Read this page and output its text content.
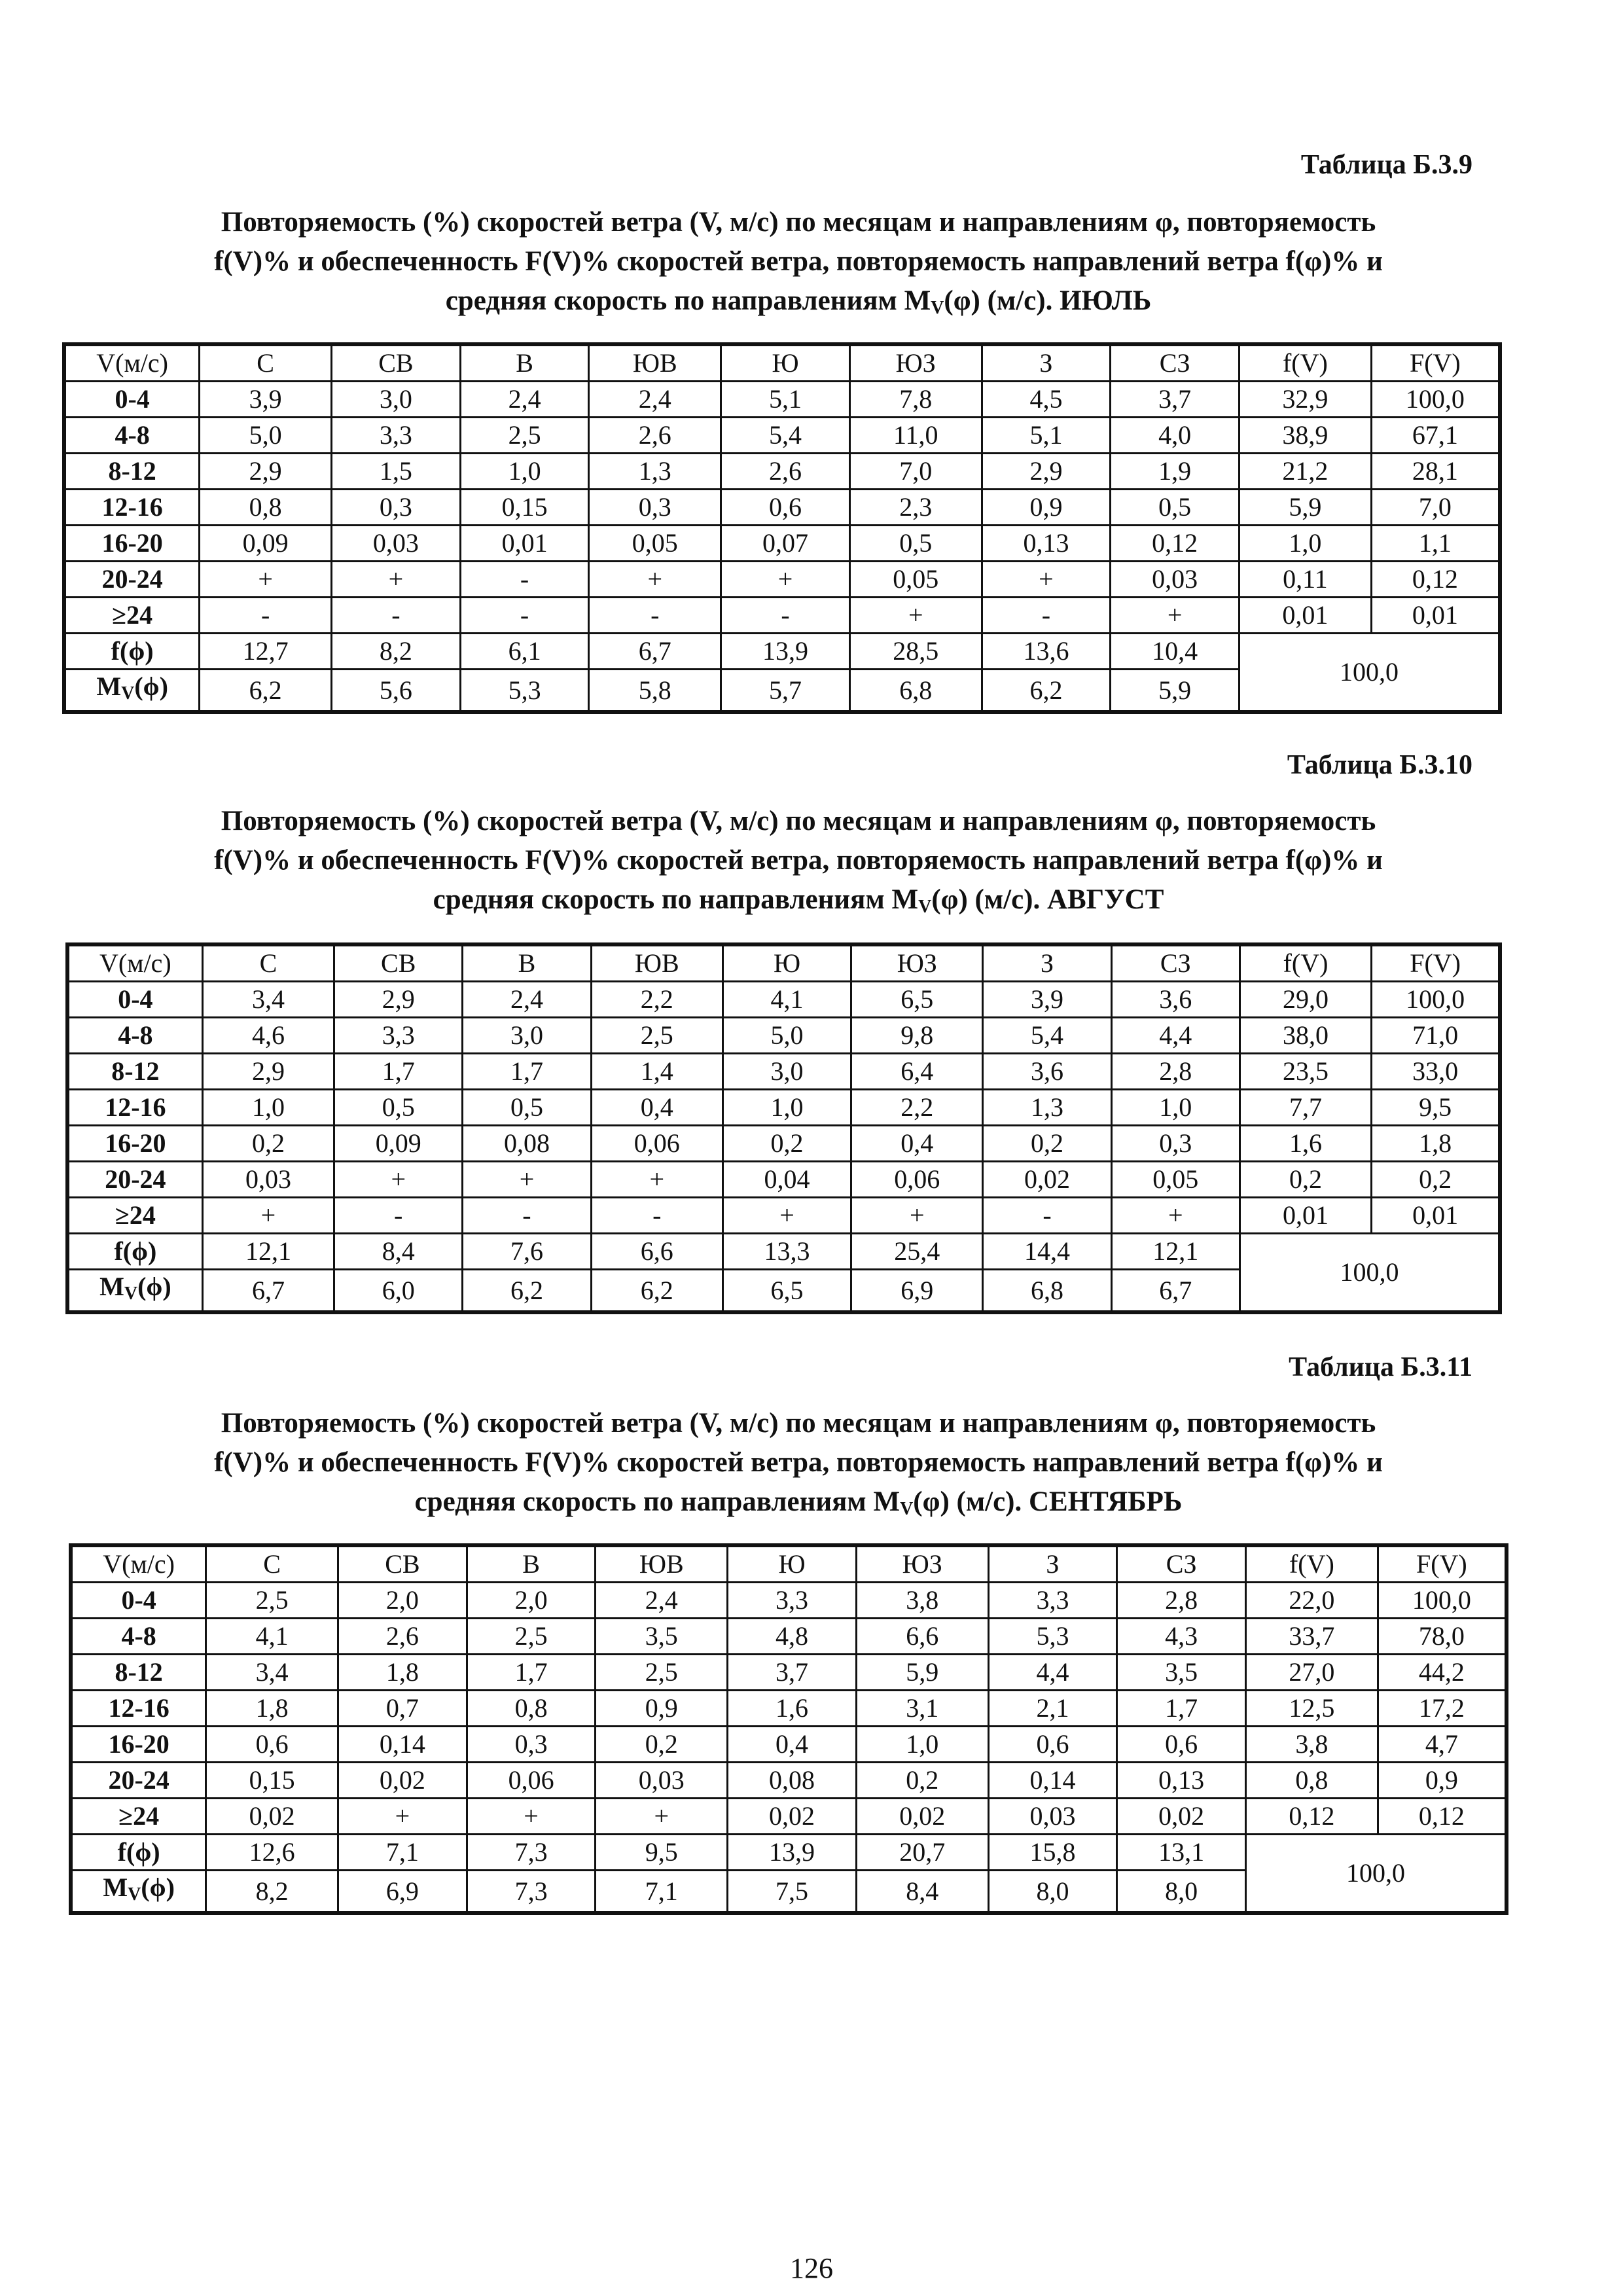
Таблица Б.3.9
Повторяемость (%) скоростей ветра (V, м/с) по месяцам и направлениям φ, повторяемость
f(V)% и обеспеченность F(V)% скоростей ветра, повторяемость направлений ветра f(φ)% и
средняя скорость по направлениям $M_V(\varphi)$ (м/с). ИЮЛЬ
V(м/с)	С	СВ	В	ЮВ	Ю	ЮЗ	З	СЗ	f(V)	F(V)
0-4	3,9	3,0	2,4	2,4	5,1	7,8	4,5	3,7	32,9	100,0
4-8	5,0	3,3	2,5	2,6	5,4	11,0	5,1	4,0	38,9	67,1
8-12	2,9	1,5	1,0	1,3	2,6	7,0	2,9	1,9	21,2	28,1
12-16	0,8	0,3	0,15	0,3	0,6	2,3	0,9	0,5	5,9	7,0
16-20	0,09	0,03	0,01	0,05	0,07	0,5	0,13	0,12	1,0	1,1
20-24	+	+	-	+	+	0,05	+	0,03	0,11	0,12
≥24	-	-	-	-	-	+	-	+	0,01	0,01
f(ϕ)	12,7	8,2	6,1	6,7	13,9	28,5	13,6	10,4	100,0	
$M_V(\phi)$	6,2	5,6	5,3	5,8	5,7	6,8	6,2	5,9		
Таблица Б.3.10
Повторяемость (%) скоростей ветра (V, м/с) по месяцам и направлениям φ, повторяемость
f(V)% и обеспеченность F(V)% скоростей ветра, повторяемость направлений ветра f(φ)% и
средняя скорость по направлениям $M_V(\varphi)$ (м/с). АВГУСТ
V(м/с)	С	СВ	В	ЮВ	Ю	ЮЗ	З	СЗ	f(V)	F(V)
0-4	3,4	2,9	2,4	2,2	4,1	6,5	3,9	3,6	29,0	100,0
4-8	4,6	3,3	3,0	2,5	5,0	9,8	5,4	4,4	38,0	71,0
8-12	2,9	1,7	1,7	1,4	3,0	6,4	3,6	2,8	23,5	33,0
12-16	1,0	0,5	0,5	0,4	1,0	2,2	1,3	1,0	7,7	9,5
16-20	0,2	0,09	0,08	0,06	0,2	0,4	0,2	0,3	1,6	1,8
20-24	0,03	+	+	+	0,04	0,06	0,02	0,05	0,2	0,2
≥24	+	-	-	-	+	+	-	+	0,01	0,01
f(ϕ)	12,1	8,4	7,6	6,6	13,3	25,4	14,4	12,1	100,0	
$M_V(\phi)$	6,7	6,0	6,2	6,2	6,5	6,9	6,8	6,7		
Таблица Б.3.11
Повторяемость (%) скоростей ветра (V, м/с) по месяцам и направлениям φ, повторяемость
f(V)% и обеспеченность F(V)% скоростей ветра, повторяемость направлений ветра f(φ)% и
средняя скорость по направлениям $M_V(\varphi)$ (м/с). СЕНТЯБРЬ
V(м/с)	С	СВ	В	ЮВ	Ю	ЮЗ	З	СЗ	f(V)	F(V)
0-4	2,5	2,0	2,0	2,4	3,3	3,8	3,3	2,8	22,0	100,0
4-8	4,1	2,6	2,5	3,5	4,8	6,6	5,3	4,3	33,7	78,0
8-12	3,4	1,8	1,7	2,5	3,7	5,9	4,4	3,5	27,0	44,2
12-16	1,8	0,7	0,8	0,9	1,6	3,1	2,1	1,7	12,5	17,2
16-20	0,6	0,14	0,3	0,2	0,4	1,0	0,6	0,6	3,8	4,7
20-24	0,15	0,02	0,06	0,03	0,08	0,2	0,14	0,13	0,8	0,9
≥24	0,02	+	+	+	0,02	0,02	0,03	0,02	0,12	0,12
f(ϕ)	12,6	7,1	7,3	9,5	13,9	20,7	15,8	13,1	100,0	
$M_V(\phi)$	8,2	6,9	7,3	7,1	7,5	8,4	8,0	8,0		
126
